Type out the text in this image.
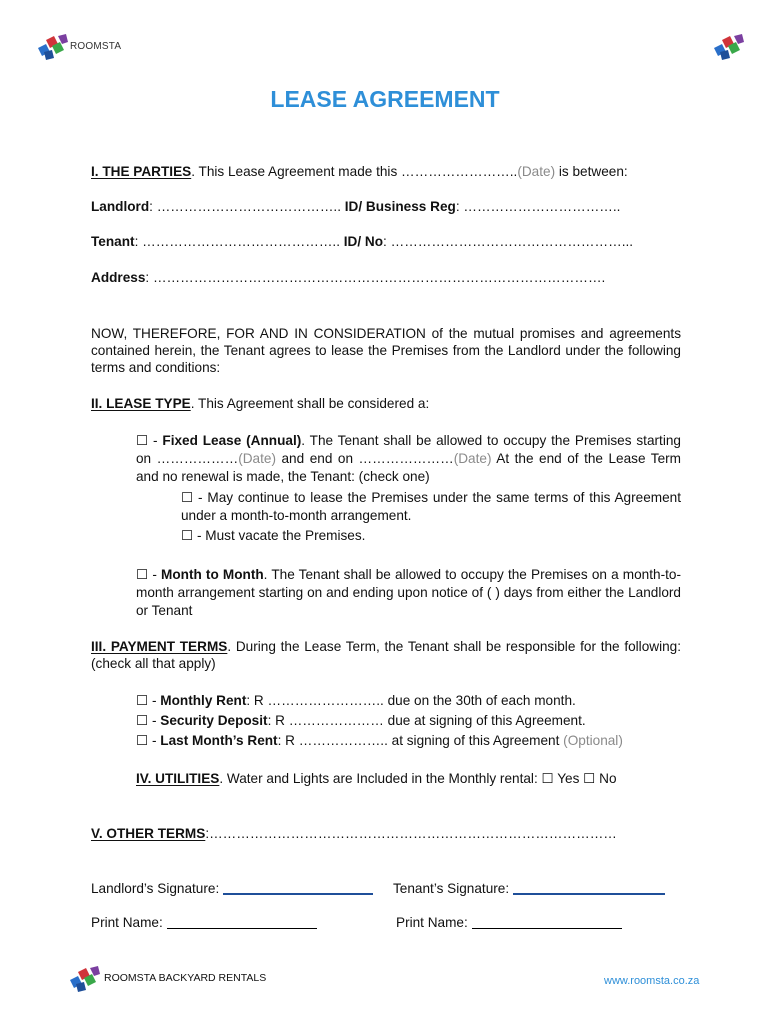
ROOMSTA
LEASE AGREEMENT
I. THE PARTIES. This Lease Agreement made this ……………………..(Date) is between:
Landlord: ………………………………….. ID/ Business Reg: ……………………………..
Tenant: …………………………………….. ID/ No: ……………………………………………...
Address: ……………………………………………………………………………………….
NOW, THEREFORE, FOR AND IN CONSIDERATION of the mutual promises and agreements contained herein, the Tenant agrees to lease the Premises from the Landlord under the following terms and conditions:
II. LEASE TYPE. This Agreement shall be considered a:
☐ - Fixed Lease (Annual). The Tenant shall be allowed to occupy the Premises starting on ………………(Date) and end on …………………(Date) At the end of the Lease Term and no renewal is made, the Tenant: (check one)
☐ - May continue to lease the Premises under the same terms of this Agreement under a month-to-month arrangement.
☐ - Must vacate the Premises.
☐ - Month to Month. The Tenant shall be allowed to occupy the Premises on a month-to-month arrangement starting on and ending upon notice of ( ) days from either the Landlord or Tenant
III. PAYMENT TERMS. During the Lease Term, the Tenant shall be responsible for the following: (check all that apply)
☐ - Monthly Rent: R …………………….. due on the 30th of each month.
☐ - Security Deposit: R ………………… due at signing of this Agreement.
☐ - Last Month’s Rent: R ……………….. at signing of this Agreement (Optional)
IV. UTILITIES. Water and Lights are Included in the Monthly rental: ☐ Yes ☐ No
V. OTHER TERMS:………………………………………………………………………………
Landlord’s Signature:	Tenant’s Signature:
Print Name:	Print Name:
ROOMSTA BACKYARD RENTALS	www.roomsta.co.za
